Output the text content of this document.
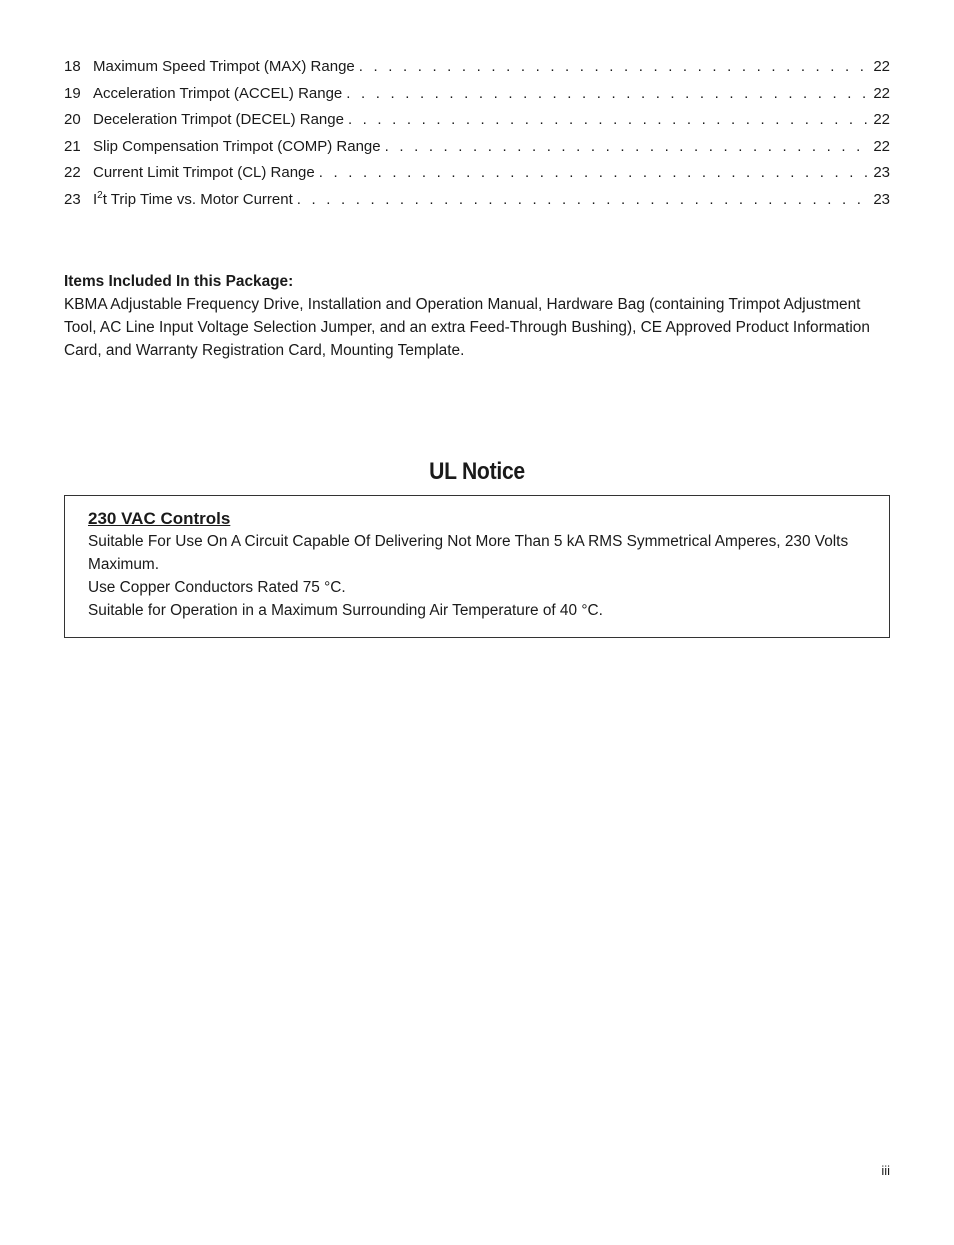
18 Maximum Speed Trimpot (MAX) Range . . .	22
19 Acceleration Trimpot (ACCEL) Range . . .	22
20 Deceleration Trimpot (DECEL) Range . . .	22
21 Slip Compensation Trimpot (COMP) Range . . .	22
22 Current Limit Trimpot (CL) Range . . .	23
23 $I^2t$ Trip Time vs. Motor Current . . .	23
Items Included In this Package:
KBMA Adjustable Frequency Drive, Installation and Operation Manual, Hardware Bag (containing Trimpot Adjustment Tool, AC Line Input Voltage Selection Jumper, and an extra Feed-Through Bushing), CE Approved Product Information Card, and Warranty Registration Card, Mounting Template.
UL Notice
230 VAC Controls
Suitable For Use On A Circuit Capable Of Delivering Not More Than 5 kA RMS Symmetrical Amperes, 230 Volts Maximum.
Use Copper Conductors Rated 75 °C.
Suitable for Operation in a Maximum Surrounding Air Temperature of 40 °C.
iii
